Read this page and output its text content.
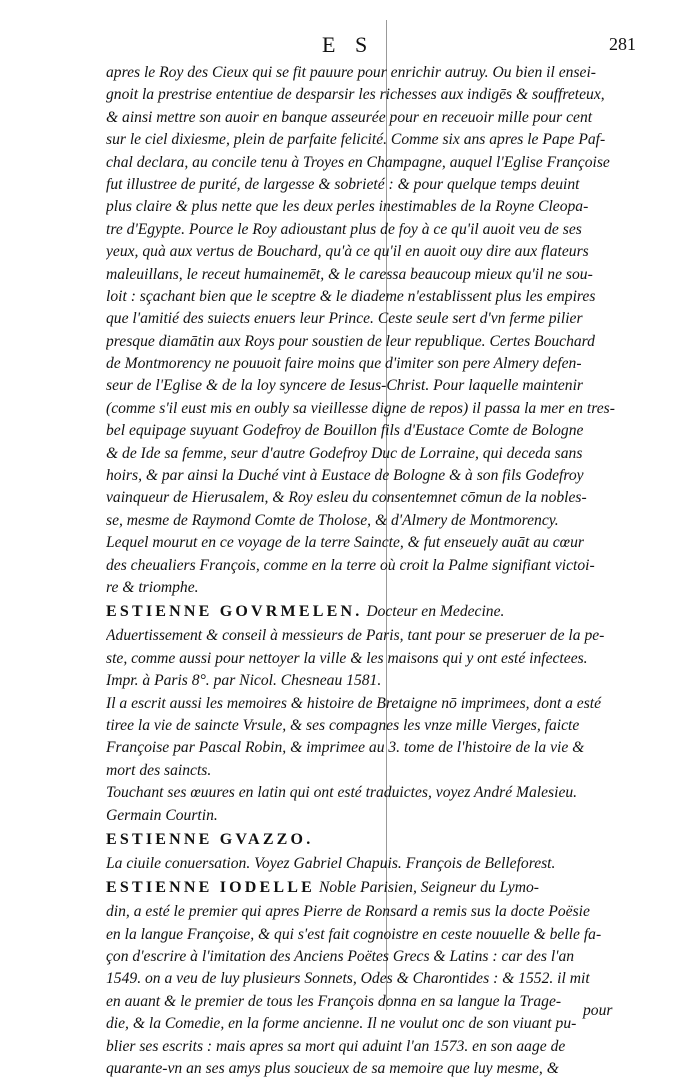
E S	281
apres le Roy des Cieux qui se fit pauure pour enrichir autruy. Ou bien il ensei-
gnoit la prestrise ententiue de desparsir les richesses aux indigēs & souffreteux,
& ainsi mettre son auoir en banque asseurée pour en receuoir mille pour cent
sur le ciel dixiesme, plein de parfaite felicité. Comme six ans apres le Pape Paf-
chal declara, au concile tenu à Troyes en Champagne, auquel l'Eglise Françoise
fut illustree de purité, de largesse & sobrieté : & pour quelque temps deuint
plus claire & plus nette que les deux perles inestimables de la Royne Cleopa-
tre d'Egypte. Pource le Roy adioustant plus de foy à ce qu'il auoit veu de ses
yeux, quà aux vertus de Bouchard, qu'à ce qu'il en auoit ouy dire aux flateurs
maleuillans, le receut humainemēt, & le caressa beaucoup mieux qu'il ne sou-
loit : sçachant bien que le sceptre & le diademe n'establissent plus les empires
que l'amitié des suiects enuers leur Prince. Ceste seule sert d'vn ferme pilier
presque diamātin aux Roys pour soustien de leur republique. Certes Bouchard
de Montmorency ne pouuoit faire moins que d'imiter son pere Almery defen-
seur de l'Eglise & de la loy syncere de Iesus-Christ. Pour laquelle maintenir
(comme s'il eust mis en oubly sa vieillesse digne de repos) il passa la mer en tres-
bel equipage suyuant Godefroy de Bouillon fils d'Eustace Comte de Bologne
& de Ide sa femme, seur d'autre Godefroy Duc de Lorraine, qui deceda sans
hoirs, & par ainsi la Duché vint à Eustace de Bologne & à son fils Godefroy
vainqueur de Hierusalem, & Roy esleu du consentemnet cōmun de la nobles-
se, mesme de Raymond Comte de Tholose, & d'Almery de Montmorency.
Lequel mourut en ce voyage de la terre Saincte, & fut enseuely auāt au cœur
des cheualiers François, comme en la terre où croit la Palme signifiant victoi-
re & triomphe.
ESTIENNE GOVRMELEN. Docteur en Medecine.
Aduertissement & conseil à messieurs de Paris, tant pour se preseruer de la pe-
ste, comme aussi pour nettoyer la ville & les maisons qui y ont esté infectees.
Impr. à Paris 8°. par Nicol. Chesneau 1581.
Il a escrit aussi les memoires & histoire de Bretaigne nō imprimees, dont a esté
tiree la vie de saincte Vrsule, & ses compagnes les vnze mille Vierges, faicte
Françoise par Pascal Robin, & imprimee au 3. tome de l'histoire de la vie &
mort des saincts.
Touchant ses œuures en latin qui ont esté traduictes, voyez André Malesieu.
Germain Courtin.
ESTIENNE GVAZZO.
La ciuile conuersation. Voyez Gabriel Chapuis. François de Belleforest.
ESTIENNE IODELLE Noble Parisien, Seigneur du Lymo-
din, a esté le premier qui apres Pierre de Ronsard a remis sus la docte Poësie
en la langue Françoise, & qui s'est fait cognoistre en ceste nouuelle & belle fa-
çon d'escrire à l'imitation des Anciens Poëtes Grecs & Latins : car des l'an
1549. on a veu de luy plusieurs Sonnets, Odes & Charontides : & 1552. il mit
en auant & le premier de tous les François donna en sa langue la Trage-
die, & la Comedie, en la forme ancienne. Il ne voulut onc de son viuant pu-
blier ses escrits : mais apres sa mort qui aduint l'an 1573. en son aage de
quarante-vn an ses amys plus soucieux de sa memoire que luy mesme, &
pour
